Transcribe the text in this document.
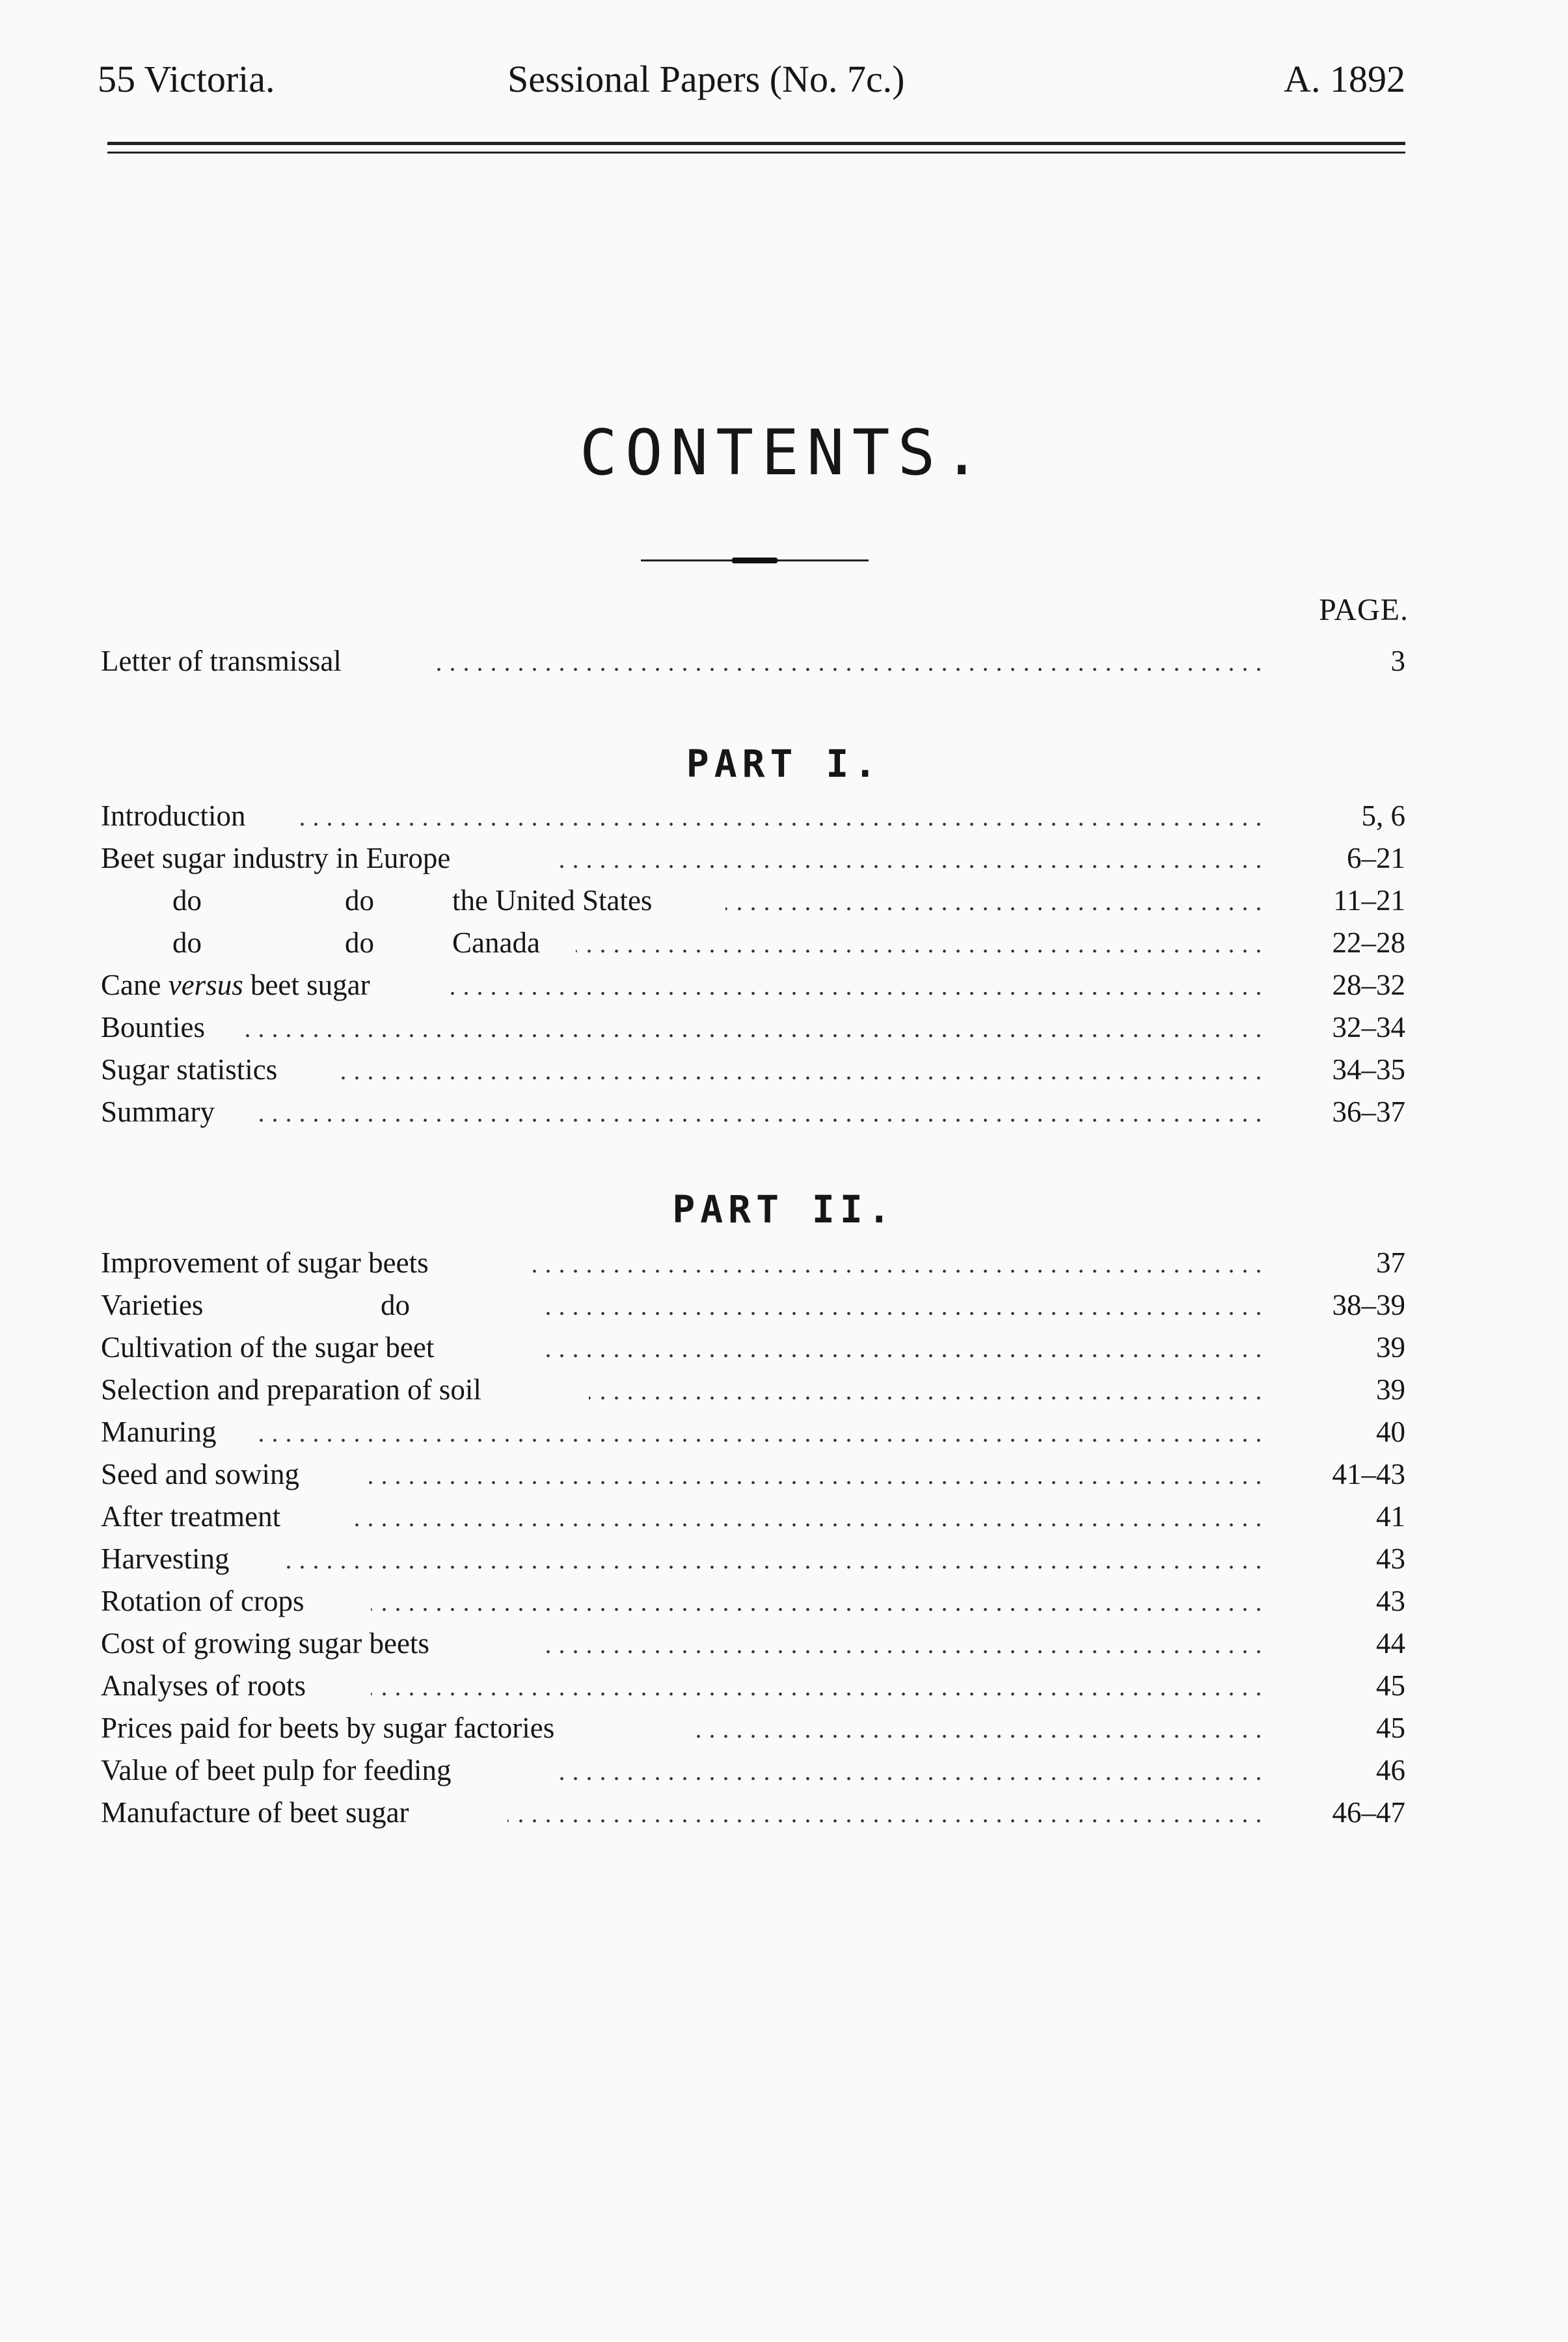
55 Victoria.	Sessional Papers (No. 7c.)	A. 1892
CONTENTS.
PAGE.
Letter of transmissal	3
PART I.
Introduction	5, 6
Beet sugar industry in Europe	6–21
do	do	the United States	11–21
do	do	Canada	22–28
Cane versus beet sugar	28–32
Bounties	32–34
Sugar statistics	34–35
Summary	36–37
PART II.
Improvement of sugar beets	37
Varieties	do	38–39
Cultivation of the sugar beet	39
Selection and preparation of soil	39
Manuring	40
Seed and sowing	41–43
After treatment	41
Harvesting	43
Rotation of crops	43
Cost of growing sugar beets	44
Analyses of roots	45
Prices paid for beets by sugar factories	45
Value of beet pulp for feeding	46
Manufacture of beet sugar	46–47
